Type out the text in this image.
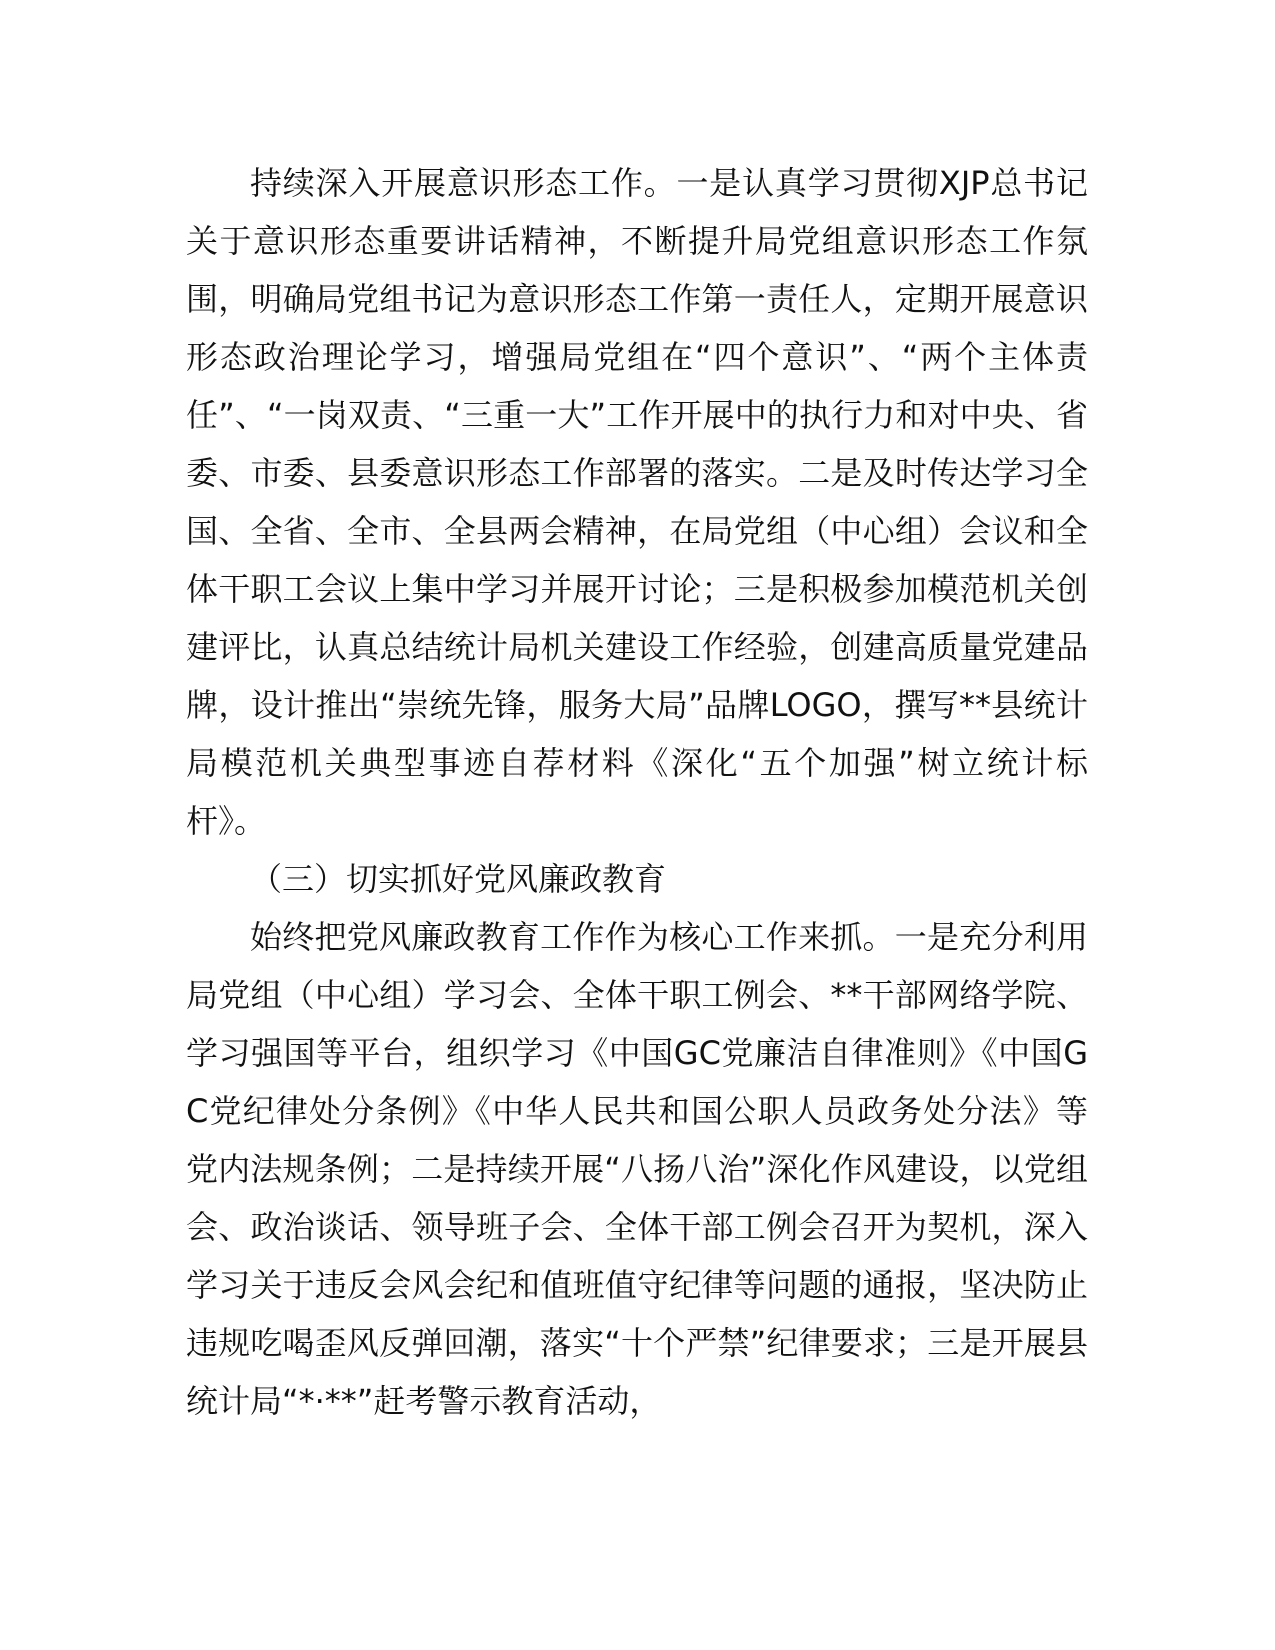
持续深入开展意识形态工作。一是认真学习贯彻XJP总书记关于意识形态重要讲话精神，不断提升局党组意识形态工作氛围，明确局党组书记为意识形态工作第一责任人，定期开展意识形态政治理论学习，增强局党组在“四个意识”、“两个主体责任”、“一岗双责、“三重一大”工作开展中的执行力和对中央、省委、市委、县委意识形态工作部署的落实。二是及时传达学习全国、全省、全市、全县两会精神，在局党组（中心组）会议和全体干职工会议上集中学习并展开讨论；三是积极参加模范机关创建评比，认真总结统计局机关建设工作经验，创建高质量党建品牌，设计推出“崇统先锋，服务大局”品牌LOGO，撰写**县统计局模范机关典型事迹自荐材料《深化“五个加强”树立统计标杆》。

（三）切实抓好党风廉政教育

始终把党风廉政教育工作作为核心工作来抓。一是充分利用局党组（中心组）学习会、全体干职工例会、**干部网络学院、学习强国等平台，组织学习《中国GC党廉洁自律准则》《中国GC党纪律处分条例》《中华人民共和国公职人员政务处分法》等党内法规条例；二是持续开展“八扬八治”深化作风建设，以党组会、政治谈话、领导班子会、全体干部工例会召开为契机，深入学习关于违反会风会纪和值班值守纪律等问题的通报，坚决防止违规吃喝歪风反弹回潮，落实“十个严禁”纪律要求；三是开展县统计局“*·**”赶考警示教育活动，
